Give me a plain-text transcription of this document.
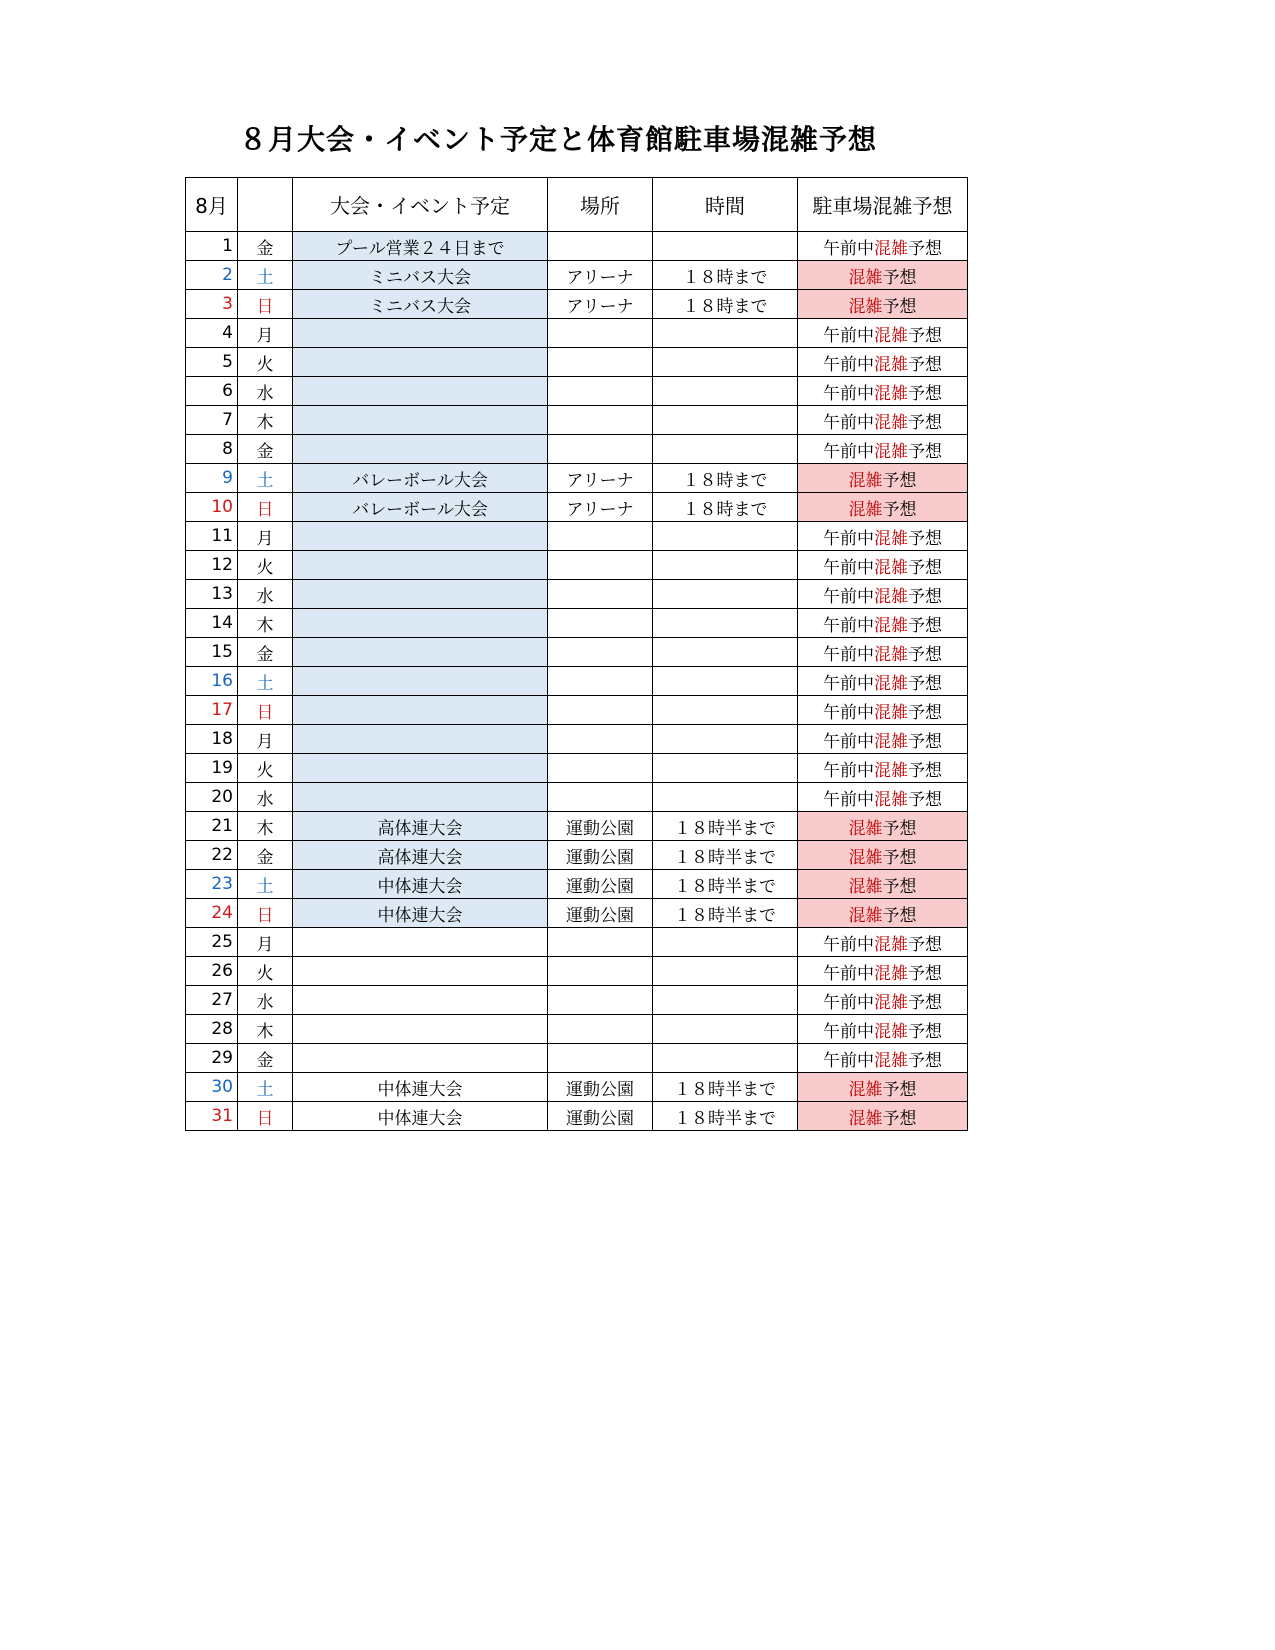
８月大会・イベント予定と体育館駐車場混雑予想
8月		大会・イベント予定	場所	時間	駐車場混雑予想
1	金	プール営業２４日まで			午前中混雑予想
2	土	ミニバス大会	アリーナ	１８時まで	混雑予想
3	日	ミニバス大会	アリーナ	１８時まで	混雑予想
4	月				午前中混雑予想
5	火				午前中混雑予想
6	水				午前中混雑予想
7	木				午前中混雑予想
8	金				午前中混雑予想
9	土	バレーボール大会	アリーナ	１８時まで	混雑予想
10	日	バレーボール大会	アリーナ	１８時まで	混雑予想
11	月				午前中混雑予想
12	火				午前中混雑予想
13	水				午前中混雑予想
14	木				午前中混雑予想
15	金				午前中混雑予想
16	土				午前中混雑予想
17	日				午前中混雑予想
18	月				午前中混雑予想
19	火				午前中混雑予想
20	水				午前中混雑予想
21	木	高体連大会	運動公園	１８時半まで	混雑予想
22	金	高体連大会	運動公園	１８時半まで	混雑予想
23	土	中体連大会	運動公園	１８時半まで	混雑予想
24	日	中体連大会	運動公園	１８時半まで	混雑予想
25	月				午前中混雑予想
26	火				午前中混雑予想
27	水				午前中混雑予想
28	木				午前中混雑予想
29	金				午前中混雑予想
30	土	中体連大会	運動公園	１８時半まで	混雑予想
31	日	中体連大会	運動公園	１８時半まで	混雑予想
